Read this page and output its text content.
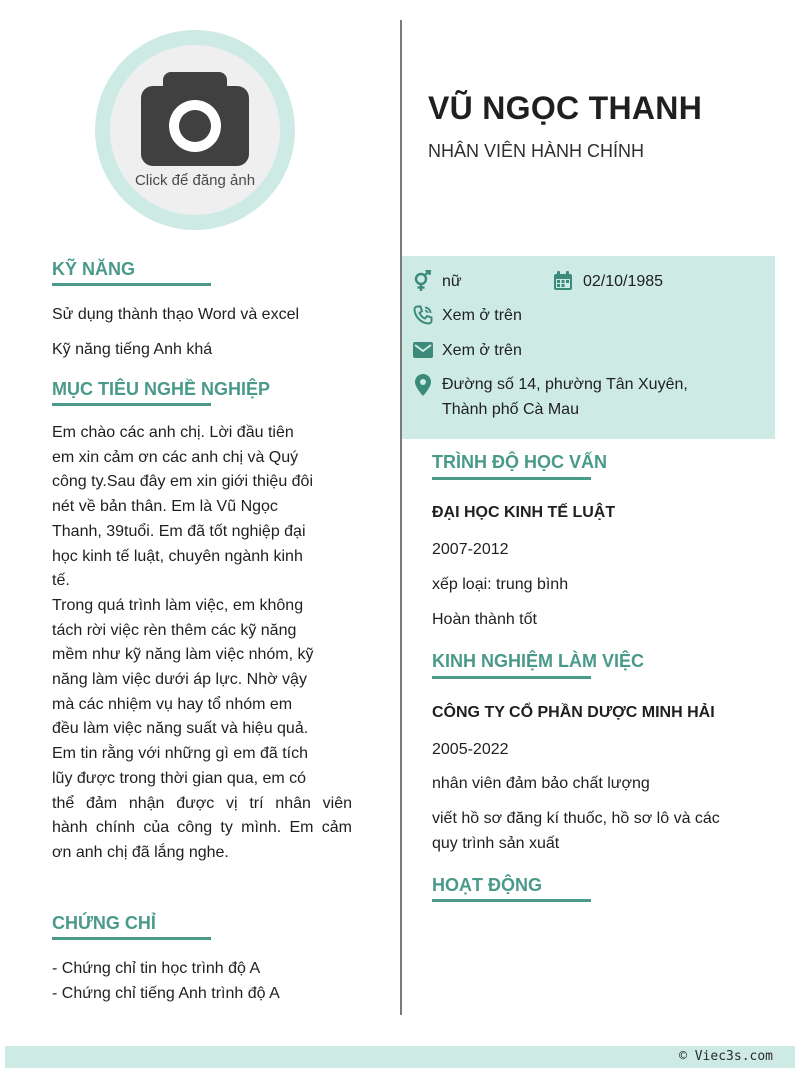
Click để đăng ảnh
VŨ NGỌC THANH
NHÂN VIÊN HÀNH CHÍNH
nữ	02/10/1985
Xem ở trên
Xem ở trên
Đường số 14, phường Tân Xuyên,
Thành phố Cà Mau
KỸ NĂNG
Sử dụng thành thạo Word và excel
Kỹ năng tiếng Anh khá
MỤC TIÊU NGHỀ NGHIỆP

Em chào các anh chị. Lời đầu tiên

em xin cảm ơn các anh chị và Quý

công ty.Sau đây em xin giới thiệu đôi

nét về bản thân. Em là Vũ Ngọc

Thanh, 39tuổi. Em đã tốt nghiệp đại

học kinh tế luật, chuyên ngành kinh

tế.

Trong quá trình làm việc, em không

tách rời việc rèn thêm các kỹ năng

mềm như kỹ năng làm việc nhóm, kỹ

năng làm việc dưới áp lực. Nhờ vậy

mà các nhiệm vụ hay tổ nhóm em

đều làm việc năng suất và hiệu quả.

Em tin rằng với những gì em đã tích

lũy được trong thời gian qua, em có

thể đảm nhận được vị trí nhân viên

hành chính của công ty mình. Em cảm

ơn anh chị đã lắng nghe.

CHỨNG CHỈ
- Chứng chỉ tin học trình độ A
- Chứng chỉ tiếng Anh trình độ A
TRÌNH ĐỘ HỌC VẤN
ĐẠI HỌC KINH TẾ LUẬT
2007-2012
xếp loại: trung bình
Hoàn thành tốt
KINH NGHIỆM LÀM VIỆC
CÔNG TY CỔ PHẦN DƯỢC MINH HẢI
2005-2022
nhân viên đảm bảo chất lượng
viết hồ sơ đăng kí thuốc, hồ sơ lô và các
quy trình sản xuất
HOẠT ĐỘNG
© Viec3s.com
